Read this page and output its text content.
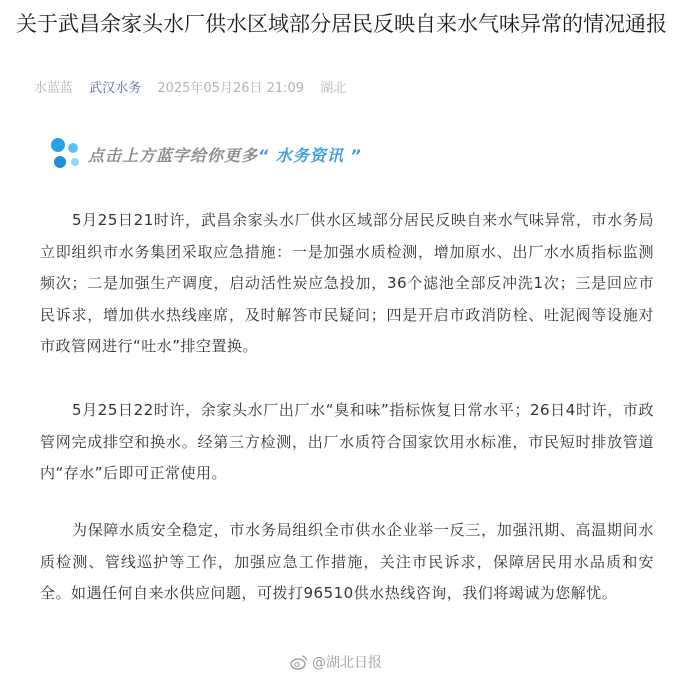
关于武昌余家头水厂供水区域部分居民反映自来水气味异常的情况通报
水蓝蓝 武汉水务 2025年05月26日 21:09 湖北
点击上方蓝字给你更多“ 水务资讯 ”

5月25日21时许，武昌余家头水厂供水区域部分居民反映自来水气味异常，市水务局立即组织市水务集团采取应急措施：一是加强水质检测，增加原水、出厂水水质指标监测频次；二是加强生产调度，启动活性炭应急投加，36个滤池全部反冲洗1次；三是回应市民诉求，增加供水热线座席，及时解答市民疑问；四是开启市政消防栓、吐泥阀等设施对市政管网进行“吐水”排空置换。

5月25日22时许，余家头水厂出厂水“臭和味”指标恢复日常水平；26日4时许，市政管网完成排空和换水。经第三方检测，出厂水质符合国家饮用水标准，市民短时排放管道内“存水”后即可正常使用。

为保障水质安全稳定，市水务局组织全市供水企业举一反三，加强汛期、高温期间水质检测、管线巡护等工作，加强应急工作措施，关注市民诉求，保障居民用水品质和安全。如遇任何自来水供应问题，可拨打96510供水热线咨询，我们将竭诚为您解忧。

@湖北日报
